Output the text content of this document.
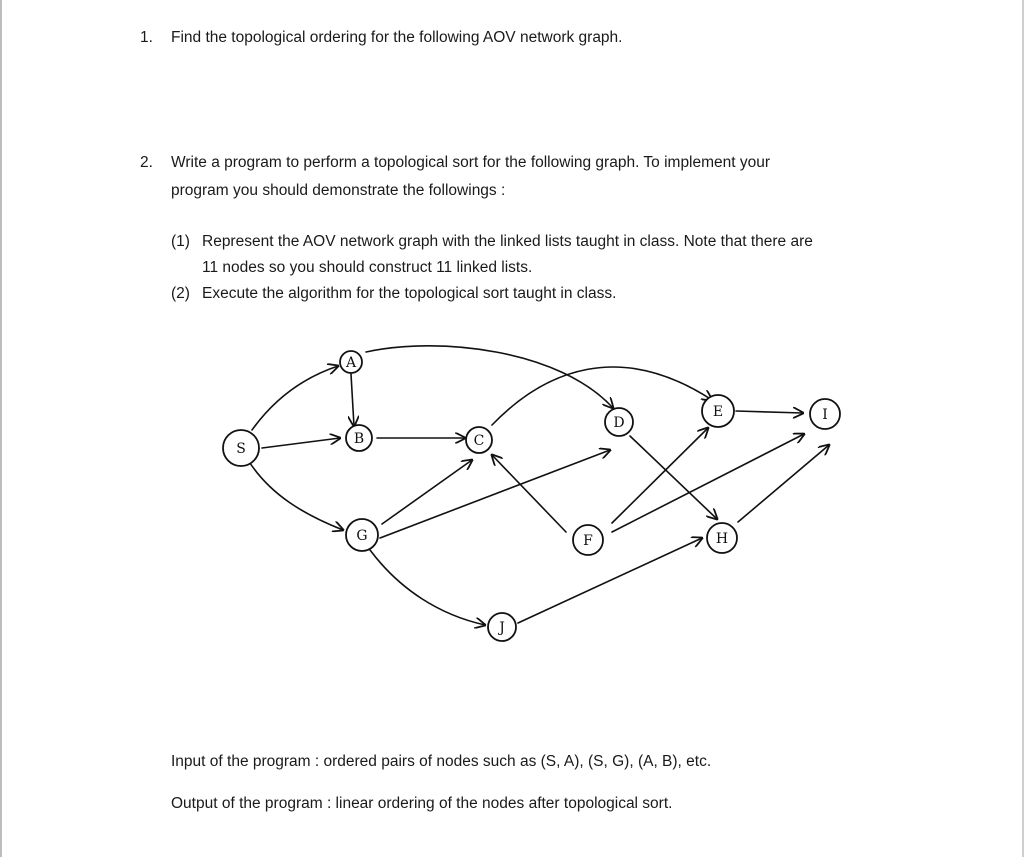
1. Find the topological ordering for the following AOV network graph.
2. Write a program to perform a topological sort for the following graph. To implement your
program you should demonstrate the followings :
(1) Represent the AOV network graph with the linked lists taught in class. Note that there are
11 nodes so you should construct 11 linked lists.
(2) Execute the algorithm for the topological sort taught in class.
S
A
B	C
D
E
F
G	H
I
J
Input of the program : ordered pairs of nodes such as (S, A), (S, G), (A, B), etc.
Output of the program : linear ordering of the nodes after topological sort.
